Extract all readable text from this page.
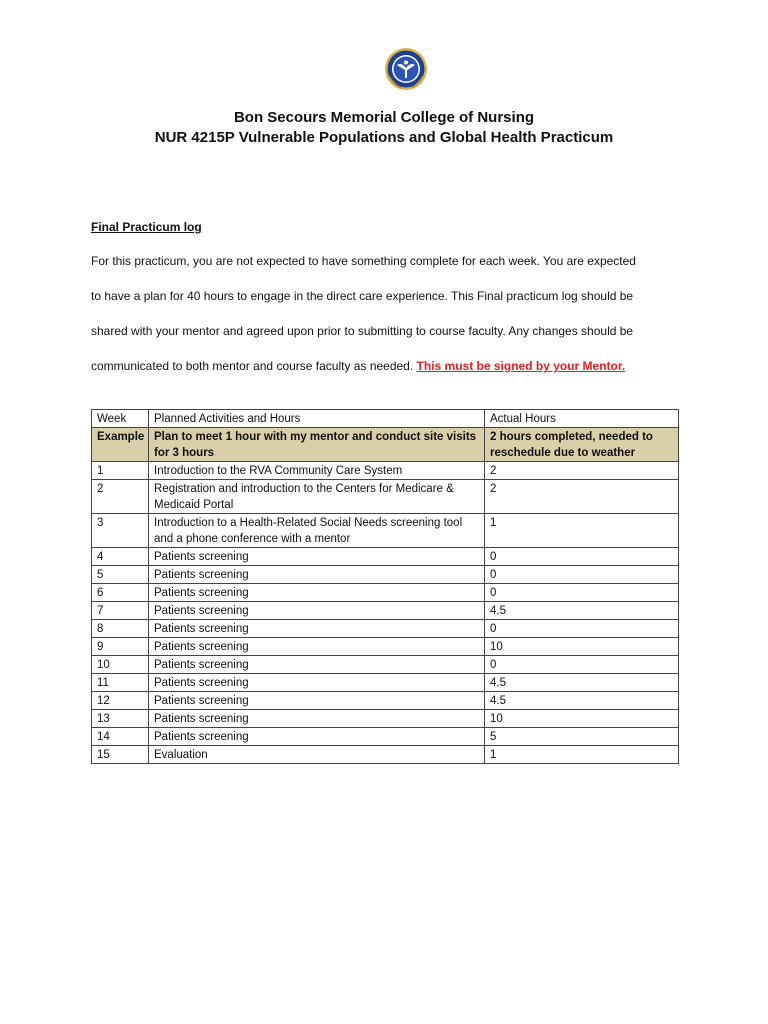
Bon Secours Memorial College of Nursing
NUR 4215P Vulnerable Populations and Global Health Practicum
Final Practicum log
For this practicum, you are not expected to have something complete for each week. You are expected
to have a plan for 40 hours to engage in the direct care experience. This Final practicum log should be
shared with your mentor and agreed upon prior to submitting to course faculty. Any changes should be
communicated to both mentor and course faculty as needed. This must be signed by your Mentor.
Week	Planned Activities and Hours	Actual Hours
Example	Plan to meet 1 hour with my mentor and conduct site visits for 3 hours	2 hours completed, needed to reschedule due to weather
1	Introduction to the RVA Community Care System	2
2	Registration and introduction to the Centers for Medicare & Medicaid Portal	2
3	Introduction to a Health-Related Social Needs screening tool and a phone conference with a mentor	1
4	Patients screening	0
5	Patients screening	0
6	Patients screening	0
7	Patients screening	4.5
8	Patients screening	0
9	Patients screening	10
10	Patients screening	0
11	Patients screening	4.5
12	Patients screening	4.5
13	Patients screening	10
14	Patients screening	5
15	Evaluation	1
